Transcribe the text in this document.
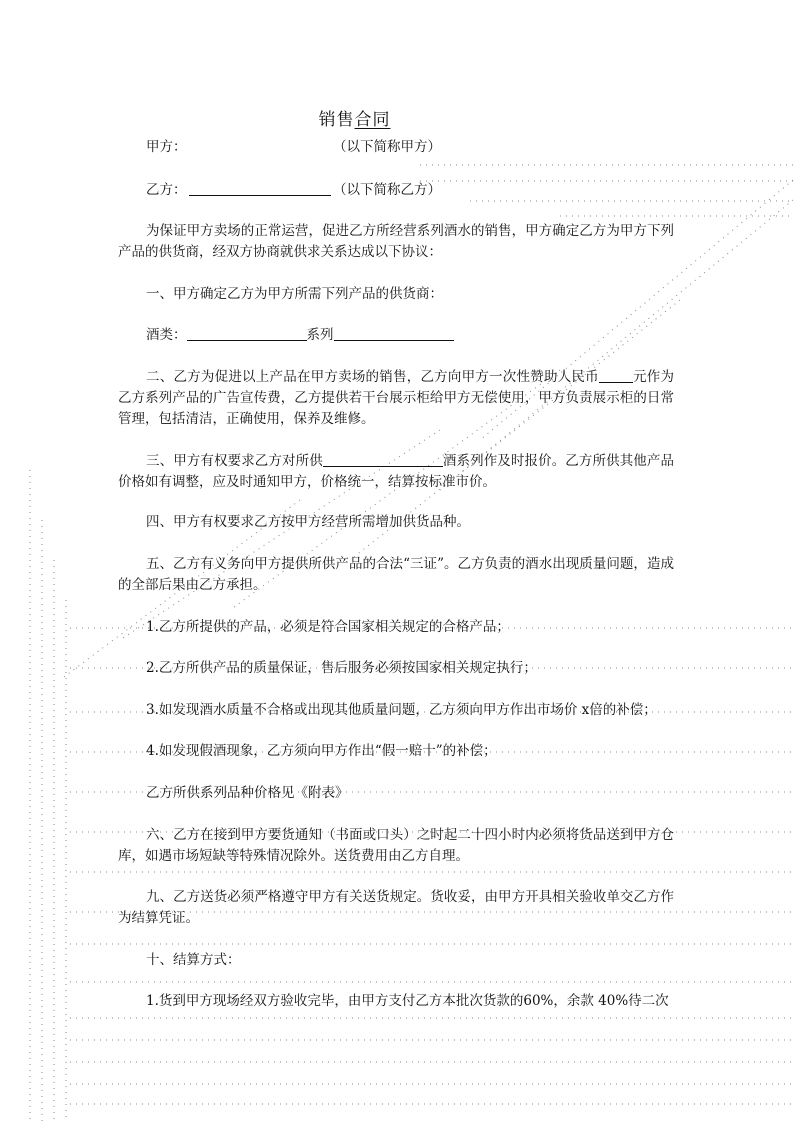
销售合同
甲方：	（以下简称甲方）
乙方：	（以下简称乙方）
为保证甲方卖场的正常运营，促进乙方所经营系列酒水的销售，甲方确定乙方为甲方下列产品的供货商，经双方协商就供求关系达成以下协议：
一、甲方确定乙方为甲方所需下列产品的供货商：
酒类：	系列
二、乙方为促进以上产品在甲方卖场的销售，乙方向甲方一次性赞助人民币	元作为乙方系列产品的广告宣传费，乙方提供若干台展示柜给甲方无偿使用，甲方负责展示柜的日常管理，包括清洁，正确使用，保养及维修。
三、甲方有权要求乙方对所供	酒系列作及时报价。乙方所供其他产品价格如有调整，应及时通知甲方，价格统一，结算按标准市价。
四、甲方有权要求乙方按甲方经营所需增加供货品种。
五、乙方有义务向甲方提供所供产品的合法“三证”。乙方负责的酒水出现质量问题，造成的全部后果由乙方承担。
1.乙方所提供的产品，必须是符合国家相关规定的合格产品；
2.乙方所供产品的质量保证，售后服务必须按国家相关规定执行；
3.如发现酒水质量不合格或出现其他质量问题，乙方须向甲方作出市场价 x倍的补偿；
4.如发现假酒现象，乙方须向甲方作出“假一赔十”的补偿；
乙方所供系列品种价格见《附表》
六、乙方在接到甲方要货通知（书面或口头）之时起二十四小时内必须将货品送到甲方仓库，如遇市场短缺等特殊情况除外。送货费用由乙方自理。
九、乙方送货必须严格遵守甲方有关送货规定。货收妥，由甲方开具相关验收单交乙方作为结算凭证。
十、结算方式：
1.货到甲方现场经双方验收完毕，由甲方支付乙方本批次货款的60%，余款 40%待二次
